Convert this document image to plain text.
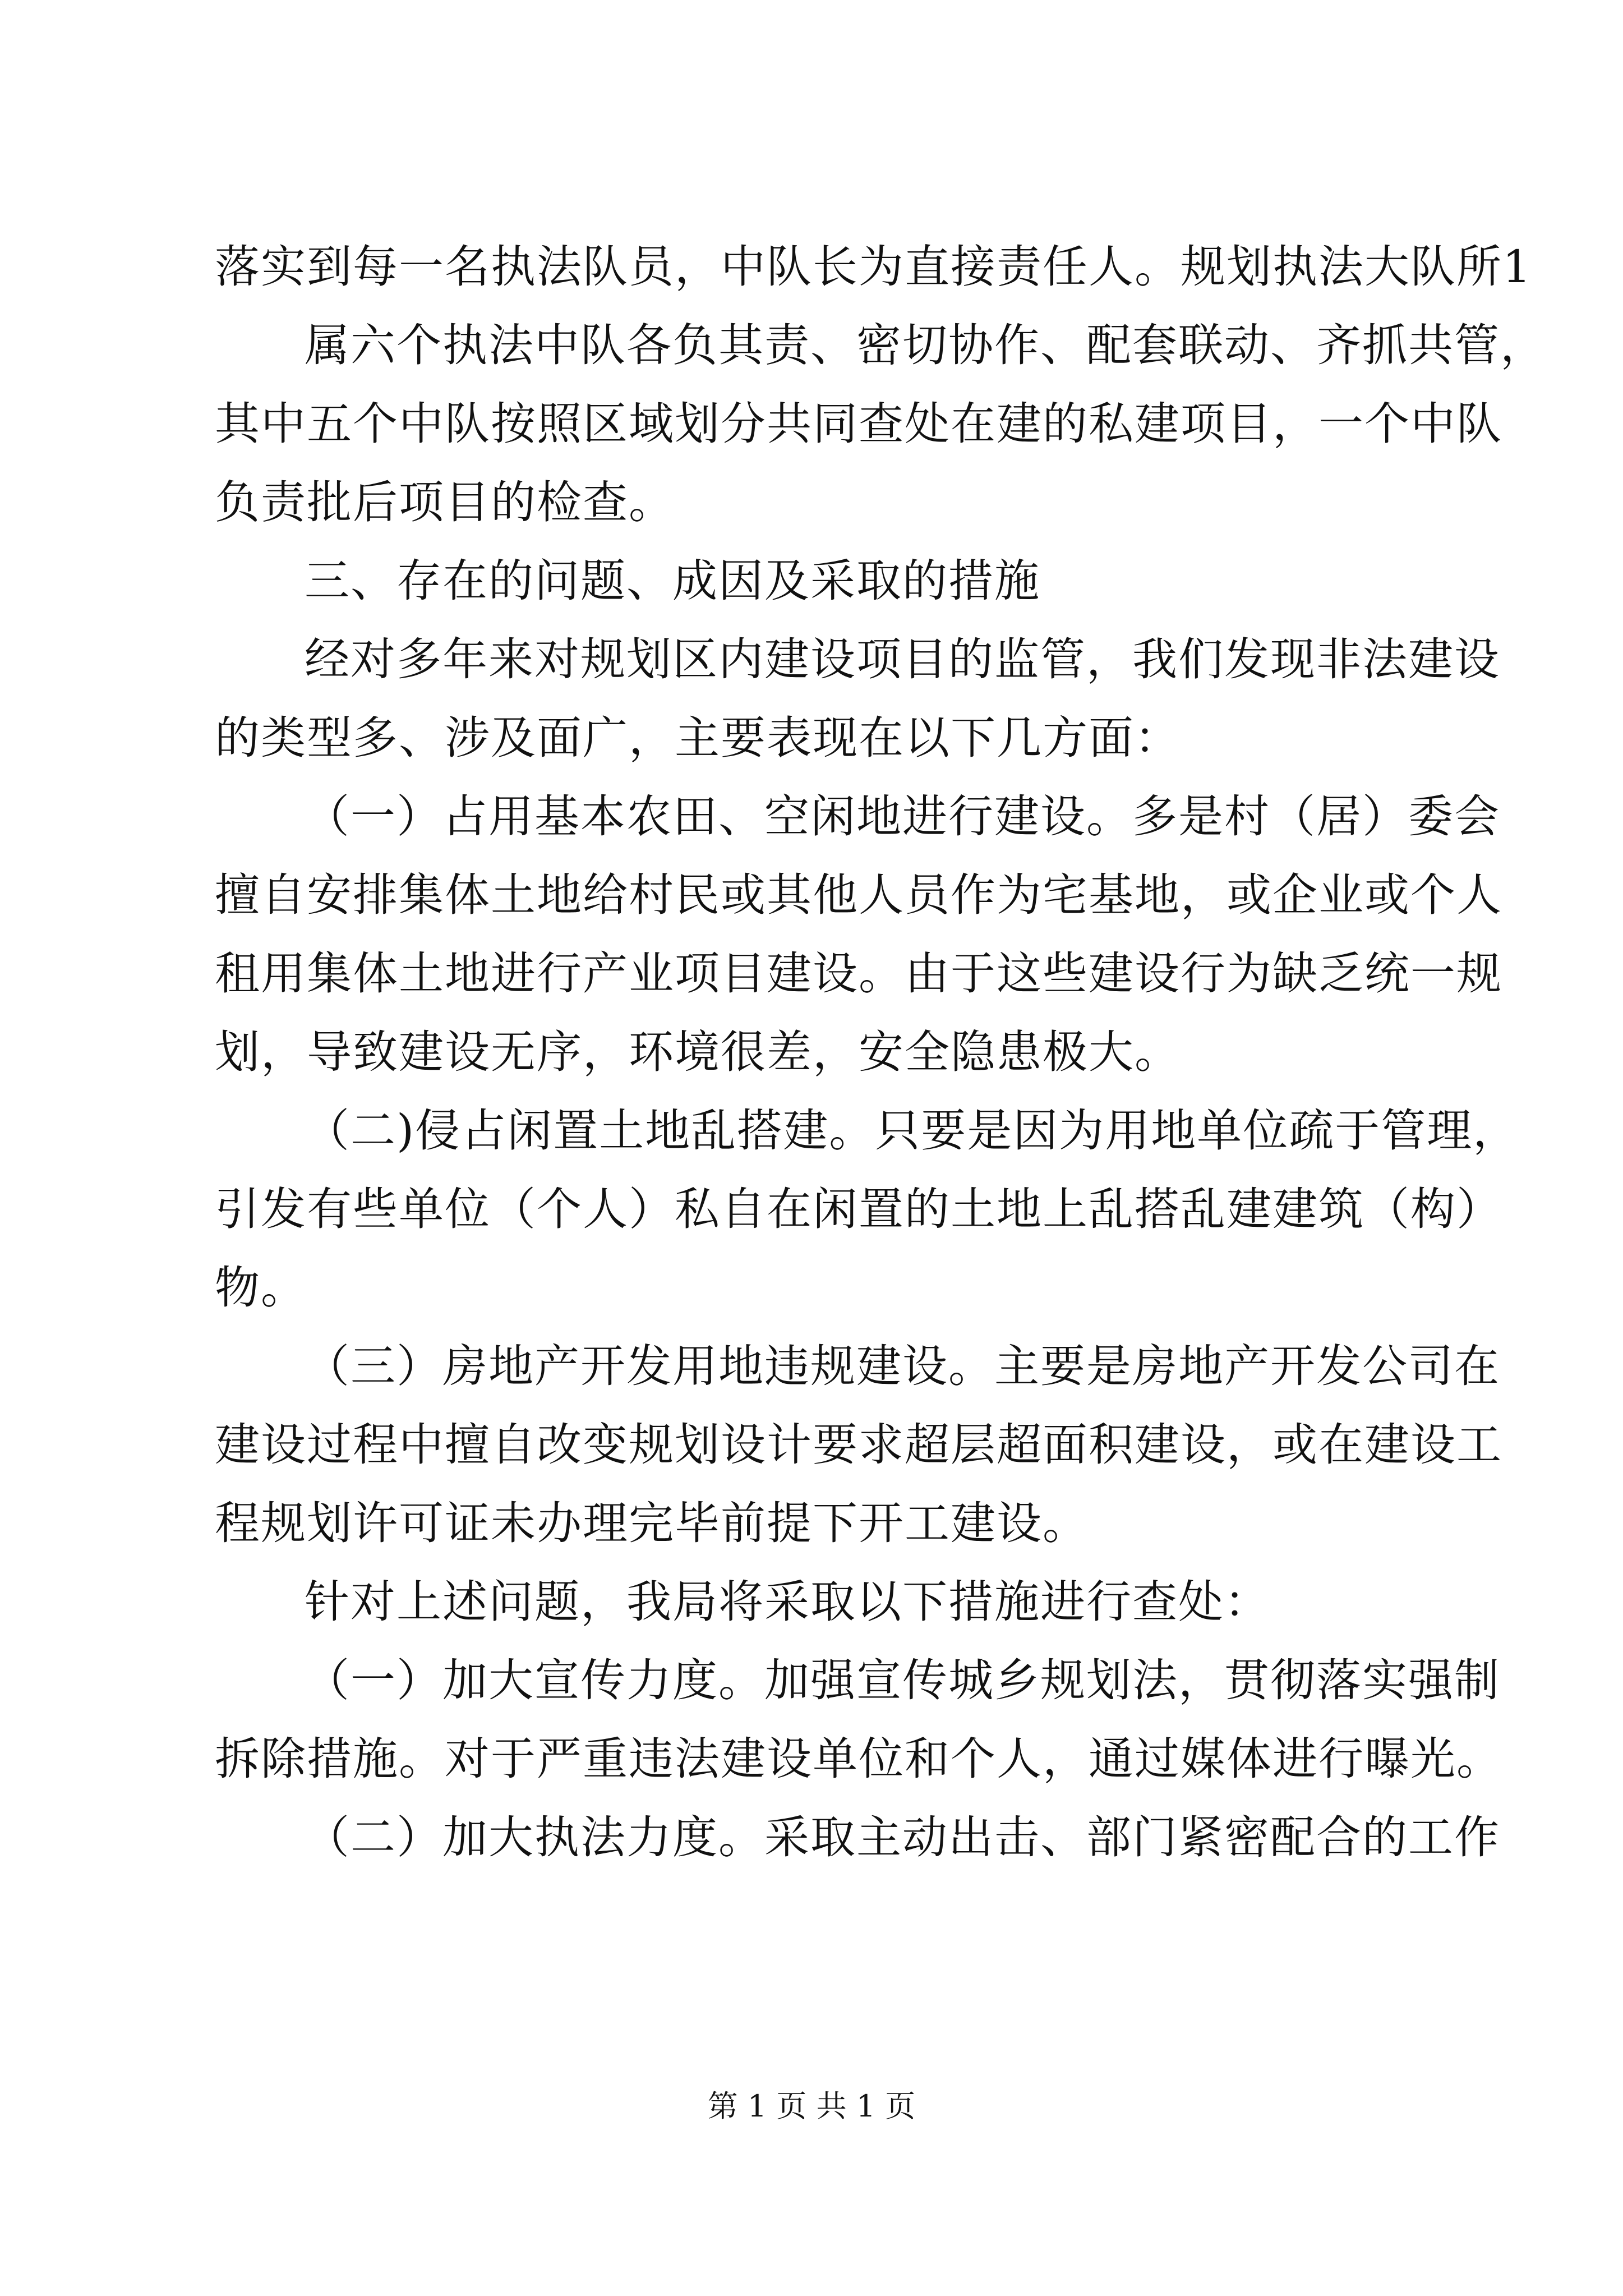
落实到每一名执法队员，中队长为直接责任人。规划执法大队所1
属六个执法中队各负其责、密切协作、配套联动、齐抓共管，
其中五个中队按照区域划分共同查处在建的私建项目，一个中队
负责批后项目的检查。
三、存在的问题、成因及采取的措施
经对多年来对规划区内建设项目的监管，我们发现非法建设
的类型多、涉及面广，主要表现在以下几方面：
（一）占用基本农田、空闲地进行建设。多是村（居）委会
擅自安排集体土地给村民或其他人员作为宅基地，或企业或个人
租用集体土地进行产业项目建设。由于这些建设行为缺乏统一规
划，导致建设无序，环境很差，安全隐患极大。
（二)侵占闲置土地乱搭建。只要是因为用地单位疏于管理，
引发有些单位（个人）私自在闲置的土地上乱搭乱建建筑（构）
物。
（三）房地产开发用地违规建设。主要是房地产开发公司在
建设过程中擅自改变规划设计要求超层超面积建设，或在建设工
程规划许可证未办理完毕前提下开工建设。
针对上述问题，我局将采取以下措施进行查处：
（一）加大宣传力度。加强宣传城乡规划法，贯彻落实强制
拆除措施。对于严重违法建设单位和个人，通过媒体进行曝光。
（二）加大执法力度。采取主动出击、部门紧密配合的工作
第 1 页 共 1 页
